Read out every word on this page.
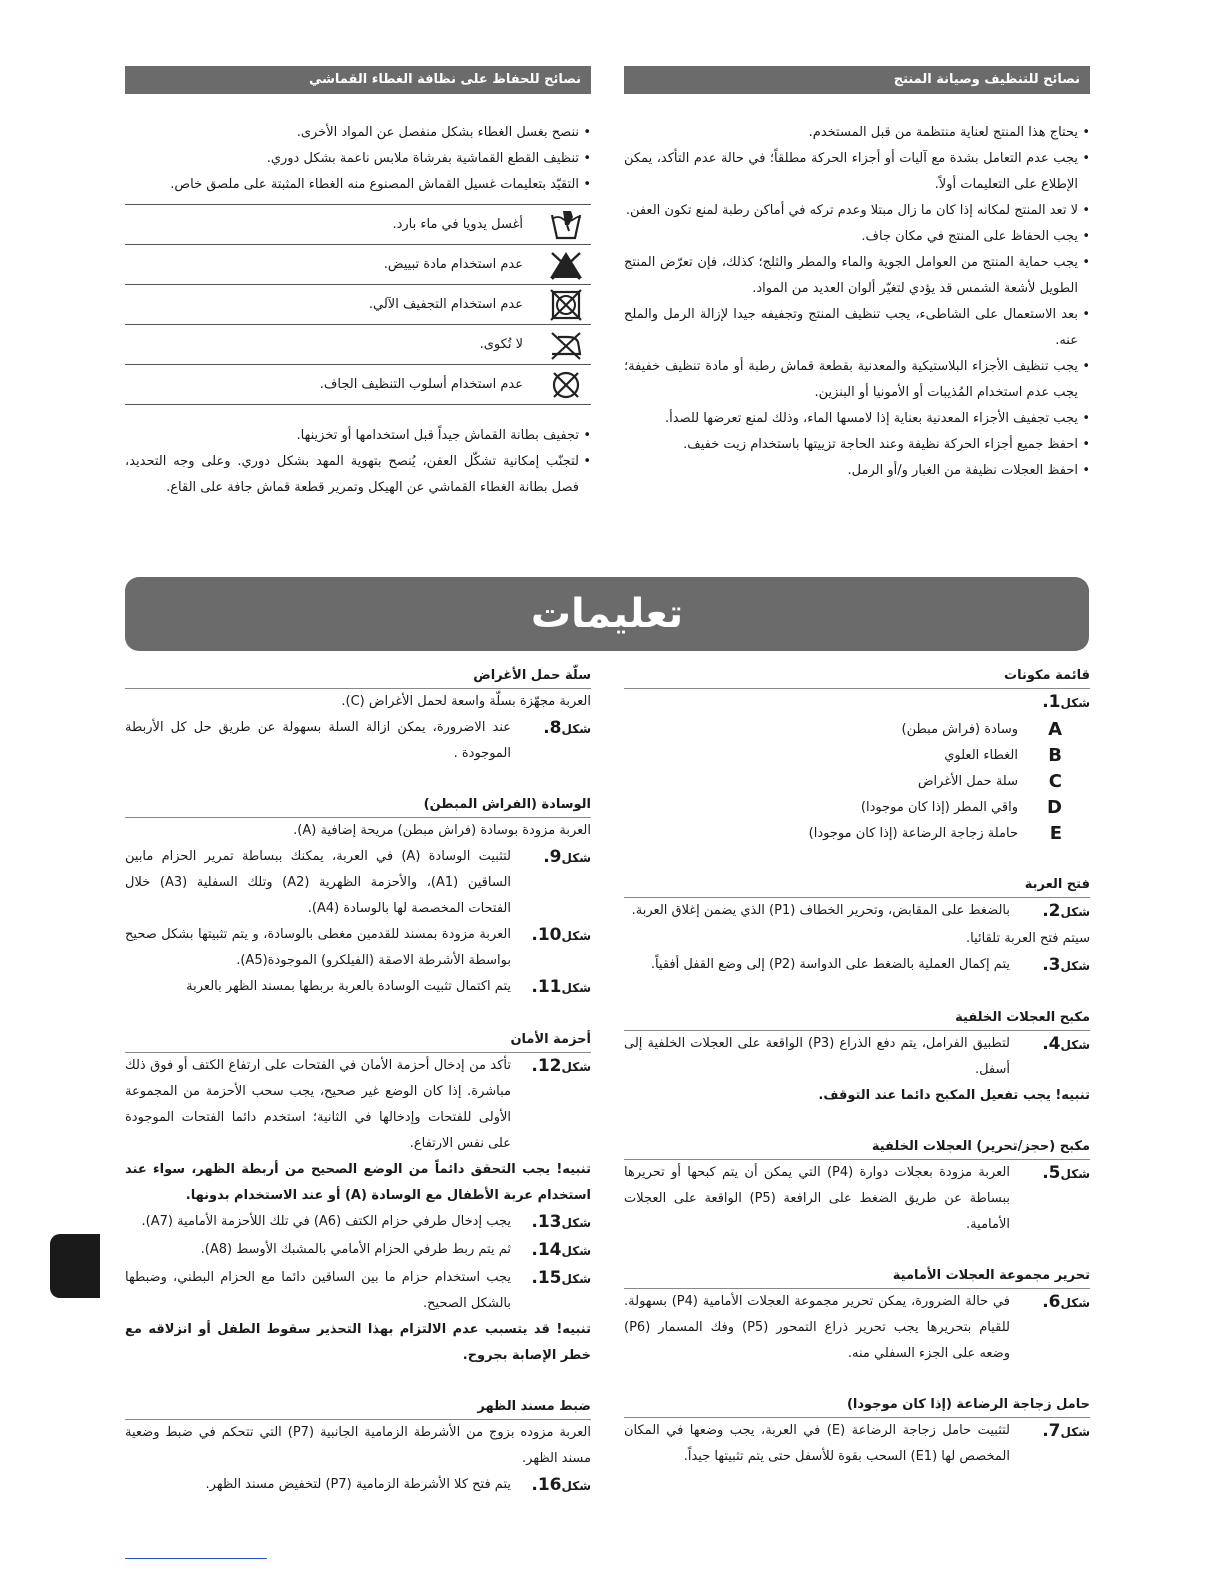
نصائح للتنظيف وصيانة المنتج
• يحتاج هذا المنتج لعناية منتظمة من قبل المستخدم.
• يجب عدم التعامل بشدة مع آليات أو أجزاء الحركة مطلقاً؛ في حالة عدم التأكد، يمكن الإطلاع على التعليمات أولاً.
• لا تعد المنتج لمكانه إذا كان ما زال مبتلا وعدم تركه في أماكن رطبة لمنع تكون العفن.
• يجب الحفاظ على المنتج في مكان جاف.
• يجب حماية المنتج من العوامل الجوية والماء والمطر والثلج؛ كذلك، فإن تعرّض المنتج الطويل لأشعة الشمس قد يؤدي لتغيّر ألوان العديد من المواد.
• بعد الاستعمال على الشاطىء، يجب تنظيف المنتج وتجفيفه جيدا لإزالة الرمل والملح عنه.
• يجب تنظيف الأجزاء البلاستيكية والمعدنية بقطعة قماش رطبة أو مادة تنظيف خفيفة؛ يجب عدم استخدام المُذيبات أو الأمونيا أو البنزين.
• يجب تجفيف الأجزاء المعدنية بعناية إذا لامسها الماء، وذلك لمنع تعرضها للصدأ.
• احفظ جميع أجزاء الحركة نظيفة وعند الحاجة تزييتها باستخدام زيت خفيف.
• احفظ العجلات نظيفة من الغبار و/أو الرمل.
نصائح للحفاظ على نظافة الغطاء القماشي
• ننصح بغسل الغطاء بشكل منفصل عن المواد الأخرى.
• تنظيف القطع القماشية بفرشاة ملابس ناعمة بشكل دوري.
• التقيّد بتعليمات غسيل القماش المصنوع منه الغطاء المثبتة على ملصق خاص.
أغسل يدويا في ماء بارد.
عدم استخدام مادة تبييض.
عدم استخدام التجفيف الآلي.
لا تُكوى.
عدم استخدام أسلوب التنظيف الجاف.
• تجفيف بطانة القماش جيداً قبل استخدامها أو تخزينها.
• لتجنّب إمكانية تشكّل العفن، يُنصح بتهوية المهد بشكل دوري. وعلى وجه التحديد، فصل بطانة الغطاء القماشي عن الهيكل وتمرير قطعة قماش جافة على القاع.
تعليمات
قائمة مكونات
شكل1.
A
وسادة (فراش مبطن)
B
الغطاء العلوي
C
سلة حمل الأغراض
D
واقي المطر (إذا كان موجودا)
E
حاملة زجاجة الرضاعة (إذا كان موجودا)
فتح العربة
شكل2.
بالضغط على المقابض، وتحرير الخطاف (P1) الذي يضمن إغلاق العربة.
سيتم فتح العربة تلقائيا.
شكل3.
يتم إكمال العملية بالضغط على الدواسة (P2) إلى وضع القفل أفقياً.
مكبح العجلات الخلفية
شكل4.
لتطبيق الفرامل، يتم دفع الذراع (P3) الواقعة على العجلات الخلفية إلى أسفل.
تنبيه! يجب تفعيل المكبح دائما عند التوقف.
مكبح (حجز/تحرير) العجلات الخلفية
شكل5.
العربة مزودة بعجلات دوارة (P4) التي يمكن أن يتم كبحها أو تحريرها ببساطة عن طريق الضغط على الرافعة (P5) الواقعة على العجلات الأمامية.
تحرير مجموعة العجلات الأمامية
شكل6.
في حالة الضرورة، يمكن تحرير مجموعة العجلات الأمامية (P4) بسهولة. للقيام بتحريرها يجب تحرير ذراع التمحور (P5) وفك المسمار (P6) وضعه على الجزء السفلي منه.
حامل زجاجة الرضاعة (إذا كان موجودا)
شكل7.
لتثبيت حامل زجاجة الرضاعة (E) في العربة، يجب وضعها في المكان المخصص لها (E1) السحب بقوة للأسفل حتى يتم تثبيتها جيداً.
سلّة حمل الأغراض
العربة مجهّزة بسلّة واسعة لحمل الأغراض (C).
شكل8.
عند الاضرورة، يمكن ازالة السلة بسهولة عن طريق حل كل الأربطة الموجودة .
الوسادة (الفراش المبطن)
العربة مزودة بوسادة (فراش مبطن) مريحة إضافية (A).
شكل9.
لتثبيت الوسادة (A) في العربة، يمكنك ببساطة تمرير الحزام مابين الساقين (A1)، والأحزمة الظهرية (A2) وتلك السفلية (A3) خلال الفتحات المخصصة لها بالوسادة (A4).
شكل10.
العربة مزودة بمسند للقدمين مغطى بالوسادة، و يتم تثبيتها بشكل صحيح بواسطة الأشرطة الاصقة (الفيلكرو) الموجودة(A5).
شكل11.
يتم اكتمال تثبيت الوسادة بالعربة بربطها بمسند الظهر بالعربة
أحزمة الأمان
شكل12.
تأكد من إدخال أحزمة الأمان في الفتحات على ارتفاع الكتف أو فوق ذلك مباشرة. إذا كان الوضع غير صحيح، يجب سحب الأحزمة من المجموعة الأولى للفتحات وإدخالها في الثانية؛ استخدم دائما الفتحات الموجودة على نفس الارتفاع.
تنبيه! يجب التحقق دائماً من الوضع الصحيح من أربطة الظهر، سواء عند استخدام عربة الأطفال مع الوسادة (A) أو عند الاستخدام بدونها.
شكل13.
يجب إدخال طرفي حزام الكتف (A6) في تلك اللأحزمة الأمامية (A7).
شكل14.
ثم يتم ربط طرفي الحزام الأمامي بالمشبك الأوسط (A8).
شكل15.
يجب استخدام حزام ما بين الساقين دائما مع الحزام البطني، وضبطها بالشكل الصحيح.
تنبيه! قد يتسبب عدم الالتزام بهذا التحذير سقوط الطفل أو انزلاقه مع خطر الإصابة بجروح.
ضبط مسند الظهر
العربة مزوده بزوج من الأشرطة الزمامية الجانبية (P7) التي تتحكم في ضبط وضعية مسند الظهر.
شكل16.
يتم فتح كلا الأشرطة الزمامية (P7) لتخفيض مسند الظهر.
